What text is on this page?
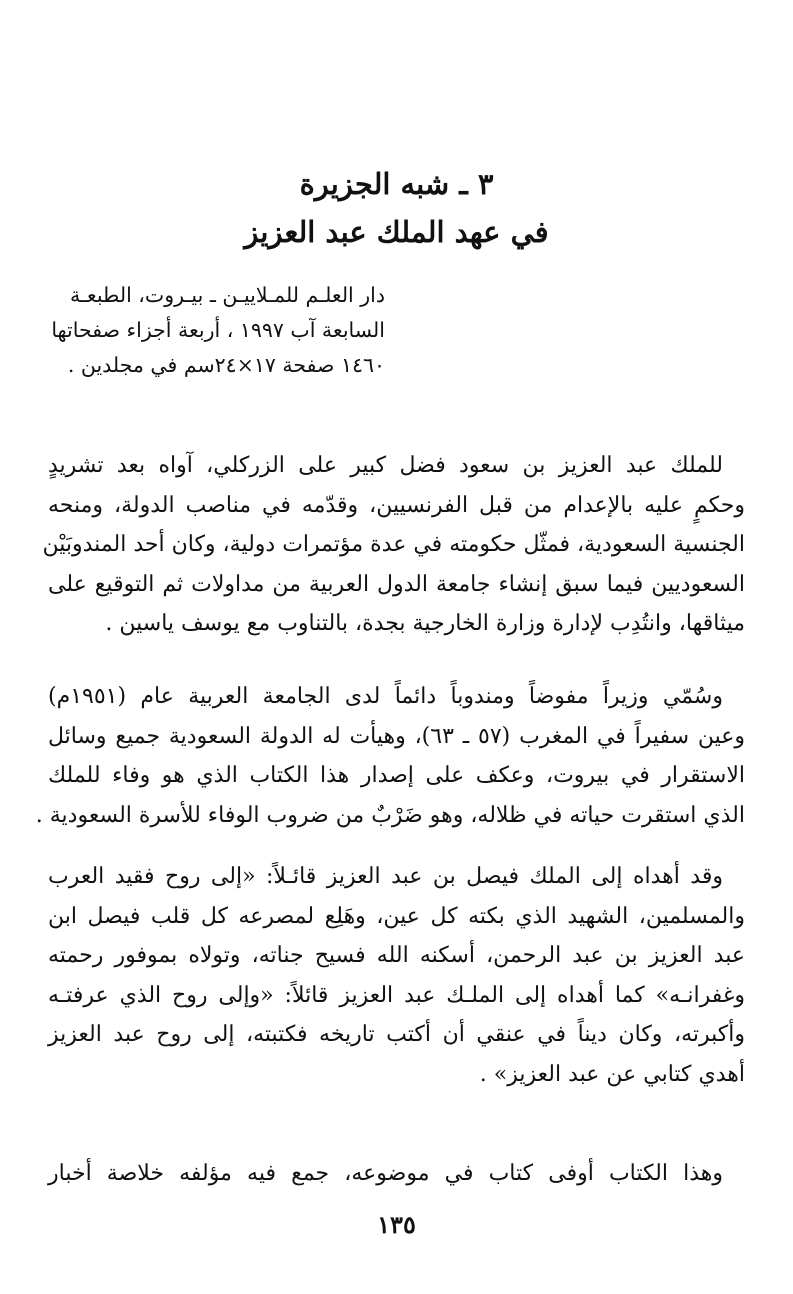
٣ ـ شبه الجزيرة
في عهد الملك عبد العزيز
دار العلـم للمـلاييـن ـ بيـروت، الطبعـة
السابعة آب ١٩٩٧ ، أربعة أجزاء صفحاتها
١٤٦٠ صفحة ١٧×٢٤سم في مجلدين .
للملك عبد العزيز بن سعود فضل كبير على الزركلي، آواه بعد تشريدٍ
وحكمٍ عليه بالإعدام من قبل الفرنسيين، وقدّمه في مناصب الدولة، ومنحه
الجنسية السعودية، فمثّل حكومته في عدة مؤتمرات دولية، وكان أحد المندوبَيْن
السعوديين فيما سبق إنشاء جامعة الدول العربية من مداولات ثم التوقيع على
ميثاقها، وانتُدِب لإدارة وزارة الخارجية بجدة، بالتناوب مع يوسف ياسين .
وسُمّي وزيراً مفوضاً ومندوباً دائماً لدى الجامعة العربية عام (١٩٥١م)
وعين سفيراً في المغرب (٥٧ ـ ٦٣)، وهيأت له الدولة السعودية جميع وسائل
الاستقرار في بيروت، وعكف على إصدار هذا الكتاب الذي هو وفاء للملك
الذي استقرت حياته في ظلاله، وهو ضَرْبٌ من ضروب الوفاء للأسرة السعودية .
وقد أهداه إلى الملك فيصل بن عبد العزيز قائـلاً: «إلى روح فقيد العرب
والمسلمين، الشهيد الذي بكته كل عين، وهَلِع لمصرعه كل قلب فيصل ابن
عبد العزيز بن عبد الرحمن، أسكنه الله فسيح جناته، وتولاه بموفور رحمته
وغفرانـه» كما أهداه إلى الملـك عبد العزيز قائلاً: «وإلى روح الذي عرفتـه
وأكبرته، وكان ديناً في عنقي أن أكتب تاريخه فكتبته، إلى روح عبد العزيز
أهدي كتابي عن عبد العزيز» .
وهذا الكتاب أوفى كتاب في موضوعه، جمع فيه مؤلفه خلاصة أخبار
١٣٥
